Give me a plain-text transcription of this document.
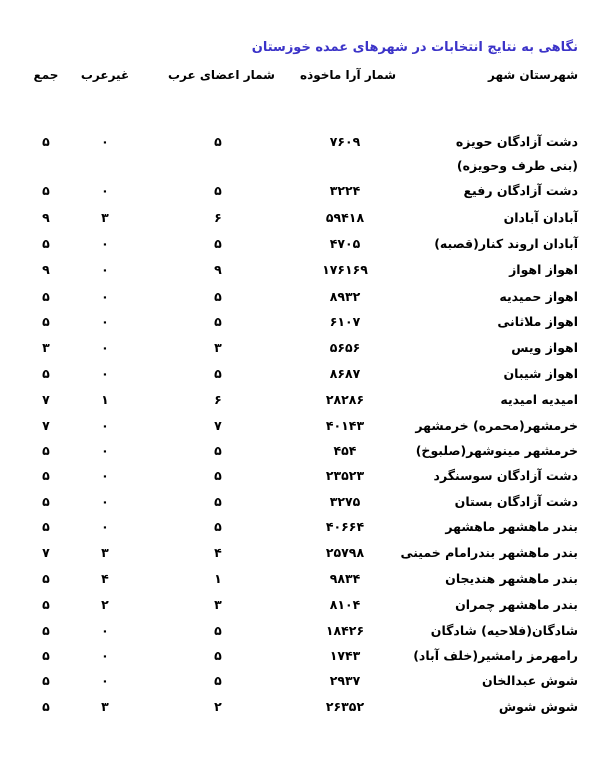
نگاهی به نتایج انتخابات در شهرهای عمده خوزستان
شهرستان شهر
شمار آرا ماخوذه
شمار اعضای عرب
غیرعرب
جمع
دشت آزادگان حویزه
۷۶۰۹
۵
۰
۵
(بنی طرف وحویزه)
دشت آزادگان رفیع
۳۲۲۴
۵
۰
۵
آبادان آبادان
۵۹۴۱۸
۶
۳
۹
آبادان اروند کنار(قصبه)
۴۷۰۵
۵
۰
۵
اهواز اهواز
۱۷۶۱۶۹
۹
۰
۹
اهواز حمیدیه
۸۹۳۲
۵
۰
۵
اهواز ملاثانی
۶۱۰۷
۵
۰
۵
اهواز ویس
۵۶۵۶
۳
۰
۳
اهواز شیبان
۸۶۸۷
۵
۰
۵
امیدیه امیدیه
۲۸۲۸۶
۶
۱
۷
خرمشهر(محمره) خرمشهر
۴۰۱۴۳
۷
۰
۷
خرمشهر مینوشهر(صلبوخ)
۴۵۴
۵
۰
۵
دشت آزادگان سوسنگرد
۲۳۵۲۳
۵
۰
۵
دشت آزادگان بستان
۳۲۷۵
۵
۰
۵
بندر ماهشهر ماهشهر
۴۰۶۶۴
۵
۰
۵
بندر ماهشهر بندرامام خمینی
۲۵۷۹۸
۴
۳
۷
بندر ماهشهر هندیجان
۹۸۳۴
۱
۴
۵
بندر ماهشهر چمران
۸۱۰۴
۳
۲
۵
شادگان(فلاحیه) شادگان
۱۸۴۲۶
۵
۰
۵
رامهرمز رامشیر(خلف آباد)
۱۷۴۳
۵
۰
۵
شوش عبدالخان
۲۹۳۷
۵
۰
۵
شوش شوش
۲۶۳۵۲
۲
۳
۵
